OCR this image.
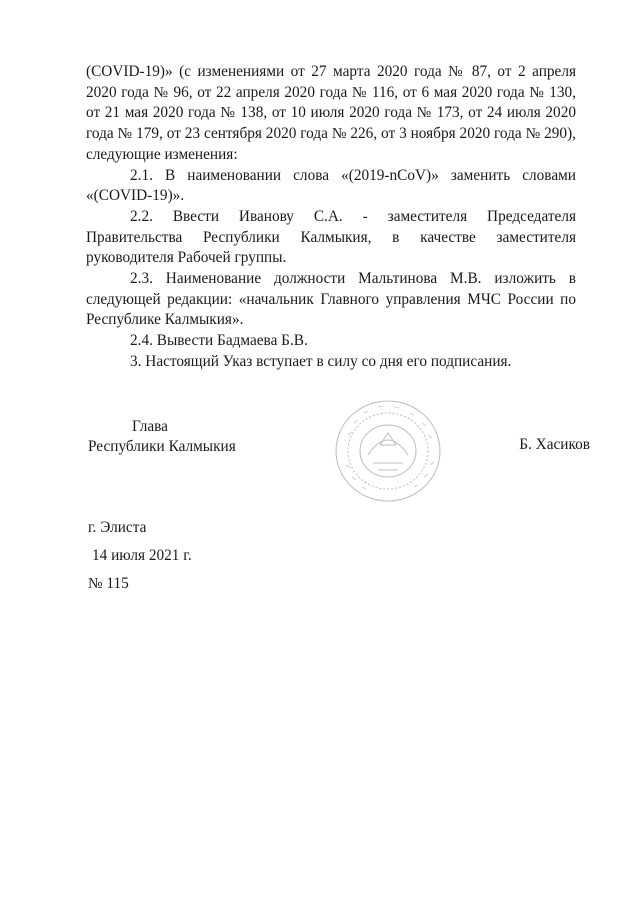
(COVID-19)» (с изменениями от 27 марта 2020 года № 87, от 2 апреля 2020 года № 96, от 22 апреля 2020 года № 116, от 6 мая 2020 года № 130, от 21 мая 2020 года № 138, от 10 июля 2020 года № 173, от 24 июля 2020 года № 179, от 23 сентября 2020 года № 226, от 3 ноября 2020 года № 290), следующие изменения:

2.1. В наименовании слова «(2019-nCoV)» заменить словами «(COVID-19)».

2.2. Ввести Иванову С.А. - заместителя Председателя Правительства Республики Калмыкия, в качестве заместителя руководителя Рабочей группы.

2.3. Наименование должности Мальтинова М.В. изложить в следующей редакции: «начальник Главного управления МЧС России по Республике Калмыкия».

2.4. Вывести Бадмаева Б.В.

3. Настоящий Указ вступает в силу со дня его подписания.

Глава
Республики Калмыкия	Б. Хасиков
г. Элиста
14 июля 2021 г.
№ 115
